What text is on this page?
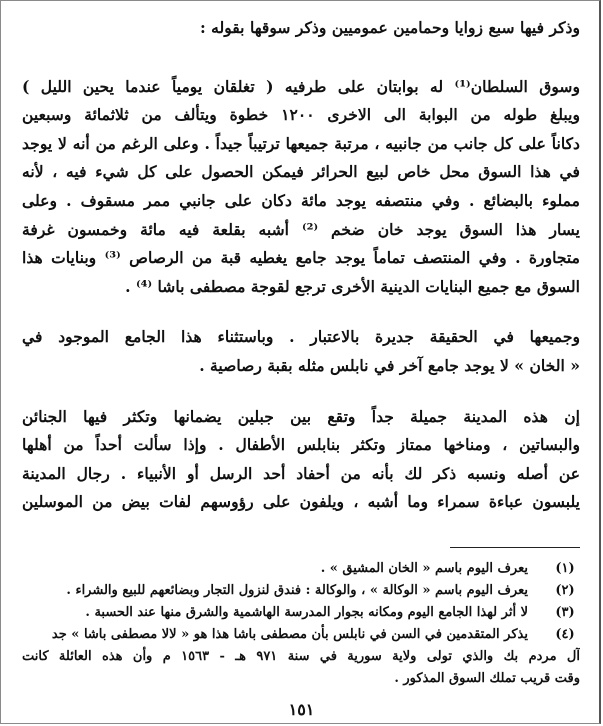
وذكر فيها سبع زوايا وحمامين عموميين وذكر سوقها بقوله :
وسوق السلطان⁽¹⁾ له بوابتان على طرفيه ( تغلقان يومياً عندما يحين الليل )
ويبلغ طوله من البوابة الى الاخرى ١٢٠٠ خطوة ويتألف من ثلاثمائة وسبعين
دكاناً على كل جانب من جانبيه ، مرتبة جميعها ترتيباً جيداً . وعلى الرغم من أنه لا يوجد
في هذا السوق محل خاص لبيع الحرائر فيمكن الحصول على كل شيء فيه ، لأنه
مملوء بالبضائع . وفي منتصفه يوجد مائة دكان على جانبي ممر مسقوف . وعلى
يسار هذا السوق يوجد خان ضخم ⁽²⁾ أشبه بقلعة فيه مائة وخمسون غرفة
متجاورة . وفي المنتصف تماماً يوجد جامع يغطيه قبة من الرصاص ⁽³⁾ وبنايات هذا
السوق مع جميع البنايات الدينية الأخرى ترجع لقوجة مصطفى باشا ⁽⁴⁾ .
وجميعها في الحقيقة جديرة بالاعتبار . وباستثناء هذا الجامع الموجود في
« الخان » لا يوجد جامع آخر في نابلس مثله بقبة رصاصية .
إن هذه المدينة جميلة جداً وتقع بين جبلين يضمانها وتكثر فيها الجنائن
والبساتين ، ومناخها ممتاز وتكثر بنابلس الأطفال . وإذا سألت أحداً من أهلها
عن أصله ونسبه ذكر لك بأنه من أحفاد أحد الرسل أو الأنبياء . رجال المدينة
يلبسون عباءة سمراء وما أشبه ، ويلفون على رؤوسهم لفات بيض من الموسلين
(١)يعرف اليوم باسم « الخان المشيق » .
(٢)يعرف اليوم باسم « الوكالة » ، والوكالة : فندق لنزول التجار وبضائعهم للبيع والشراء .
(٣)لا أثر لهذا الجامع اليوم ومكانه بجوار المدرسة الهاشمية والشرق منها عند الحسبة .
(٤)يذكر المتقدمين في السن في نابلس بأن مصطفى باشا هذا هو « لالا مصطفى باشا » جد
آل مردم بك والذي تولى ولاية سورية في سنة ٩٧١ هـ - ١٥٦٣ م وأن هذه العائلة كانت
وقت قريب تملك السوق المذكور .
١٥١
